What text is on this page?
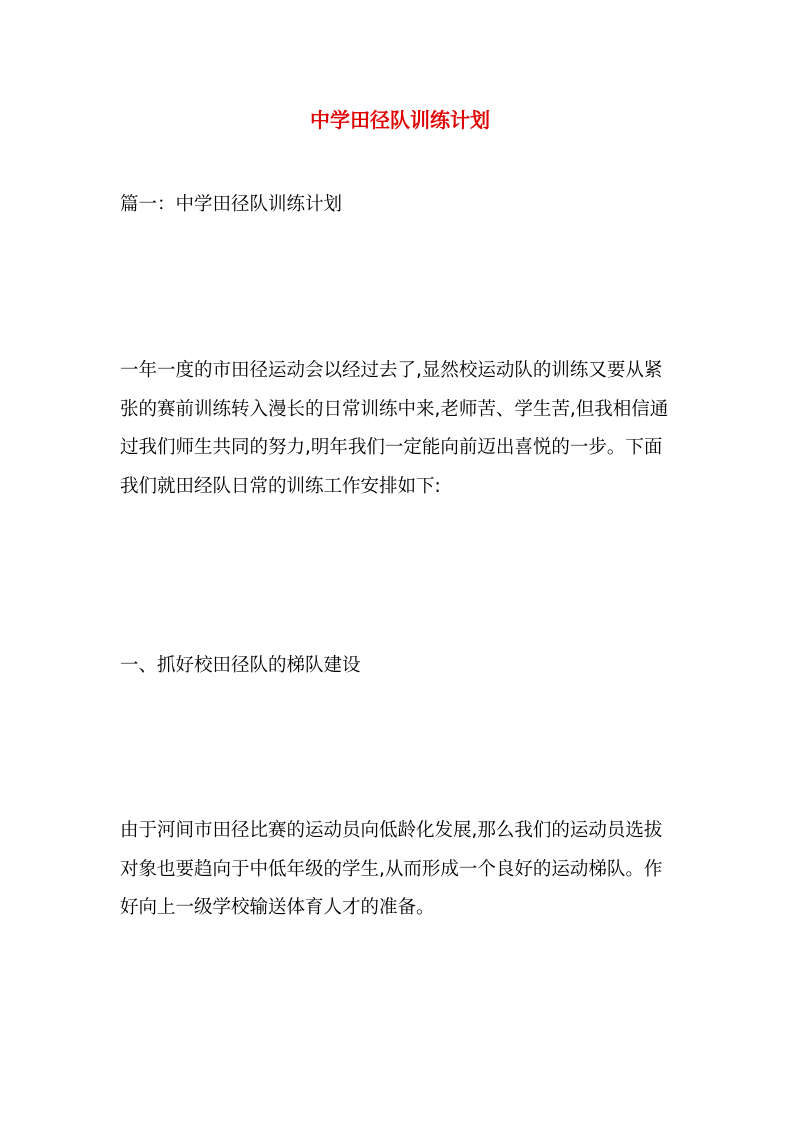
中学田径队训练计划

篇一：中学田径队训练计划

一年一度的市田径运动会以经过去了,显然校运动队的训练又要从紧
张的赛前训练转入漫长的日常训练中来,老师苦、学生苦,但我相信通
过我们师生共同的努力,明年我们一定能向前迈出喜悦的一步。下面
我们就田经队日常的训练工作安排如下:

一、抓好校田径队的梯队建设

由于河间市田径比赛的运动员向低龄化发展,那么我们的运动员选拔
对象也要趋向于中低年级的学生,从而形成一个良好的运动梯队。作
好向上一级学校输送体育人才的准备。
